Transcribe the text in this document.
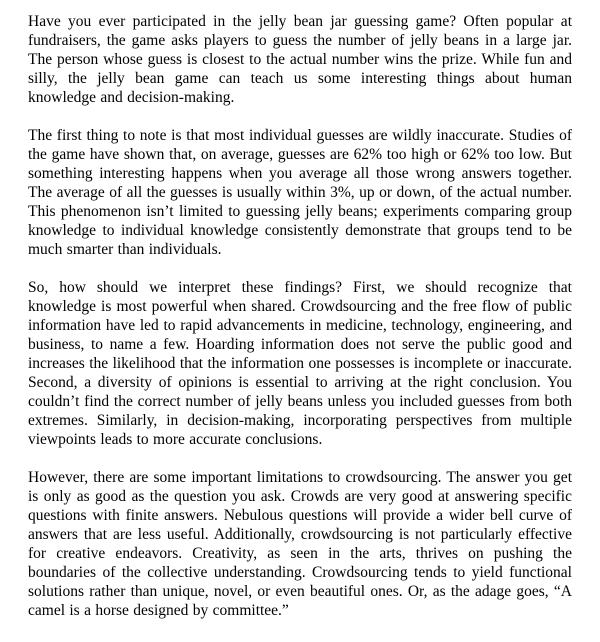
Have you ever participated in the jelly bean jar guessing game? Often popular at fundraisers, the game asks players to guess the number of jelly beans in a large jar. The person whose guess is closest to the actual number wins the prize. While fun and silly, the jelly bean game can teach us some interesting things about human knowledge and decision-making.

The first thing to note is that most individual guesses are wildly inaccurate. Studies of the game have shown that, on average, guesses are 62% too high or 62% too low. But something interesting happens when you average all those wrong answers together. The average of all the guesses is usually within 3%, up or down, of the actual number. This phenomenon isn’t limited to guessing jelly beans; experiments comparing group knowledge to individual knowledge consistently demonstrate that groups tend to be much smarter than individuals.

So, how should we interpret these findings? First, we should recognize that knowledge is most powerful when shared. Crowdsourcing and the free flow of public information have led to rapid advancements in medicine, technology, engineering, and business, to name a few. Hoarding information does not serve the public good and increases the likelihood that the information one possesses is incomplete or inaccurate. Second, a diversity of opinions is essential to arriving at the right conclusion. You couldn’t find the correct number of jelly beans unless you included guesses from both extremes. Similarly, in decision-making, incorporating perspectives from multiple viewpoints leads to more accurate conclusions.

However, there are some important limitations to crowdsourcing. The answer you get is only as good as the question you ask. Crowds are very good at answering specific questions with finite answers. Nebulous questions will provide a wider bell curve of answers that are less useful. Additionally, crowdsourcing is not particularly effective for creative endeavors. Creativity, as seen in the arts, thrives on pushing the boundaries of the collective understanding. Crowdsourcing tends to yield functional solutions rather than unique, novel, or even beautiful ones. Or, as the adage goes, “A camel is a horse designed by committee.”
